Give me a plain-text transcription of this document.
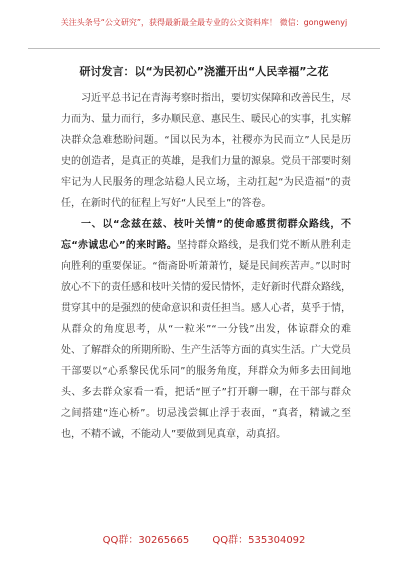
关注头条号“公文研究”，获得最新最全最专业的公文资料库！ 微信：gongwenyj
研讨发言：以“为民初心”浇灌开出“人民幸福”之花

习近平总书记在青海考察时指出，要切实保障和改善民生，尽力而为、量力而行，多办顺民意、惠民生、暖民心的实事，扎实解决群众急难愁盼问题。“国以民为本，社稷亦为民而立”人民是历史的创造者，是真正的英雄，是我们力量的源泉。党员干部要时刻牢记为人民服务的理念站稳人民立场，主动扛起“为民造福”的责任，在新时代的征程上写好“人民至上”的答卷。

一、以“念兹在兹、枝叶关情”的使命感贯彻群众路线，不忘“赤诚忠心”的来时路。坚持群众路线，是我们党不断从胜利走向胜利的重要保证。“衙斋卧听萧萧竹，疑是民间疾苦声。”以时时放心不下的责任感和枝叶关情的爱民情怀，走好新时代群众路线，贯穿其中的是强烈的使命意识和责任担当。感人心者，莫乎于情，从群众的角度思考，从“一粒米”“一分钱”出发，体谅群众的难处、了解群众的所期所盼、生产生活等方面的真实生活。广大党员干部要以“心系黎民优乐同”的服务角度，拜群众为师多去田间地头、多去群众家看一看，把话“匣子”打开聊一聊，在干部与群众之间搭建“连心桥”。切忌浅尝辄止浮于表面，“真者，精诚之至也，不精不诚，不能动人”要做到见真章，动真招。

QQ群：30265665 QQ群：535304092
